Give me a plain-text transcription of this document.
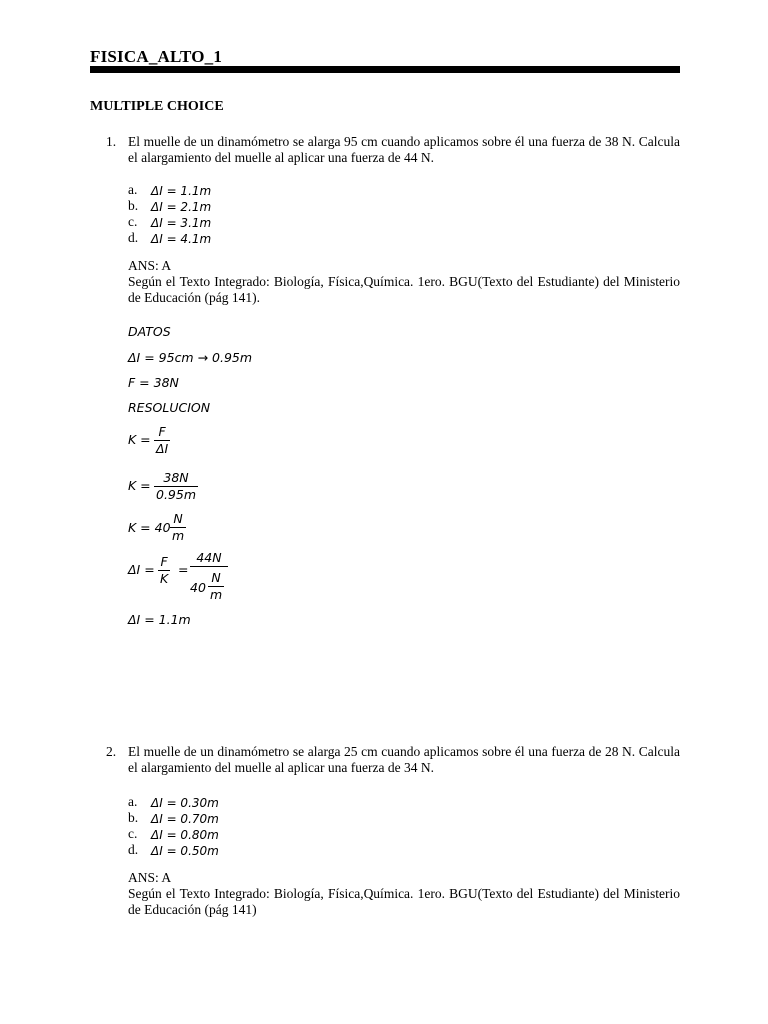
FISICA_ALTO_1
MULTIPLE CHOICE
1. El muelle de un dinamómetro se alarga 95 cm cuando aplicamos sobre él una fuerza de 38 N. Calcula el alargamiento del muelle al aplicar una fuerza de 44 N.
a. ΔI = 1.1m
b. ΔI = 2.1m
c. ΔI = 3.1m
d. ΔI = 4.1m
ANS: A
Según el Texto Integrado: Biología, Física,Química. 1ero. BGU(Texto del Estudiante) del Ministerio de Educación (pág 141).
DATOS
ΔI = 95cm → 0.95m
F = 38N
RESOLUCION
K =
F
ΔI
K =
38N
0.95m
K = 40
N
m
ΔI =
F
K
=
44N
40
N
m
ΔI = 1.1m
2. El muelle de un dinamómetro se alarga 25 cm cuando aplicamos sobre él una fuerza de 28 N. Calcula el alargamiento del muelle al aplicar una fuerza de 34 N.
a. ΔI = 0.30m
b. ΔI = 0.70m
c. ΔI = 0.80m
d. ΔI = 0.50m
ANS: A
Según el Texto Integrado: Biología, Física,Química. 1ero. BGU(Texto del Estudiante) del Ministerio de Educación (pág 141)
